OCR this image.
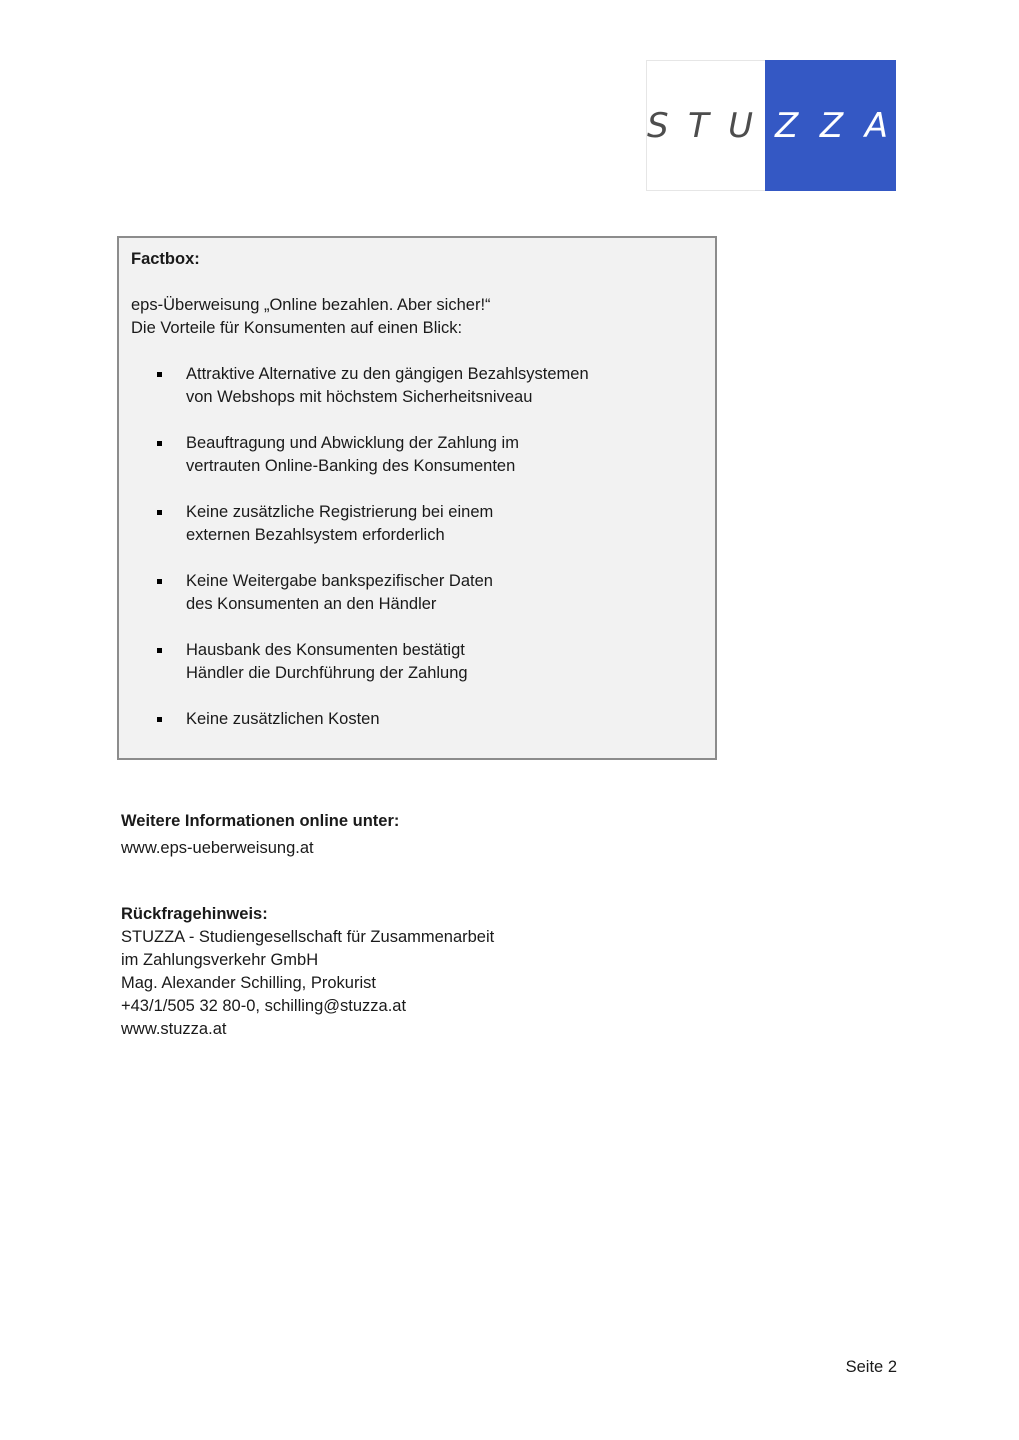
S T U Z Z A
Factbox:
eps-Überweisung „Online bezahlen. Aber sicher!“
Die Vorteile für Konsumenten auf einen Blick:
Attraktive Alternative zu den gängigen Bezahlsystemen
von Webshops mit höchstem Sicherheitsniveau
Beauftragung und Abwicklung der Zahlung im
vertrauten Online-Banking des Konsumenten
Keine zusätzliche Registrierung bei einem
externen Bezahlsystem erforderlich
Keine Weitergabe bankspezifischer Daten
des Konsumenten an den Händler
Hausbank des Konsumenten bestätigt
Händler die Durchführung der Zahlung
Keine zusätzlichen Kosten
Weitere Informationen online unter:
www.eps-ueberweisung.at
Rückfragehinweis:
STUZZA - Studiengesellschaft für Zusammenarbeit
im Zahlungsverkehr GmbH
Mag. Alexander Schilling, Prokurist
+43/1/505 32 80-0, schilling@stuzza.at
www.stuzza.at
Seite 2
